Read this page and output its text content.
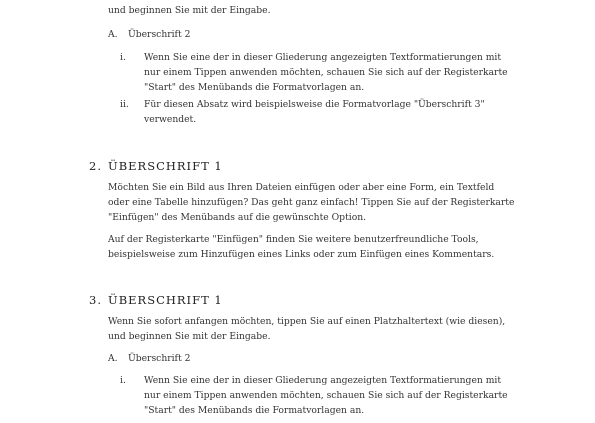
und beginnen Sie mit der Eingabe.

A. Überschrift 2

i.	Wenn Sie eine der in dieser Gliederung angezeigten Textformatierungen mit nur einem Tippen anwenden möchten, schauen Sie sich auf der Registerkarte "Start" des Menübands die Formatvorlagen an.

ii.	Für diesen Absatz wird beispielsweise die Formatvorlage "Überschrift 3" verwendet.

2. ÜBERSCHRIFT 1

Möchten Sie ein Bild aus Ihren Dateien einfügen oder aber eine Form, ein Textfeld oder eine Tabelle hinzufügen? Das geht ganz einfach! Tippen Sie auf der Registerkarte "Einfügen" des Menübands auf die gewünschte Option.

Auf der Registerkarte "Einfügen" finden Sie weitere benutzerfreundliche Tools, beispielsweise zum Hinzufügen eines Links oder zum Einfügen eines Kommentars.

3. ÜBERSCHRIFT 1

Wenn Sie sofort anfangen möchten, tippen Sie auf einen Platzhaltertext (wie diesen), und beginnen Sie mit der Eingabe.

A. Überschrift 2

i.	Wenn Sie eine der in dieser Gliederung angezeigten Textformatierungen mit nur einem Tippen anwenden möchten, schauen Sie sich auf der Registerkarte "Start" des Menübands die Formatvorlagen an.
